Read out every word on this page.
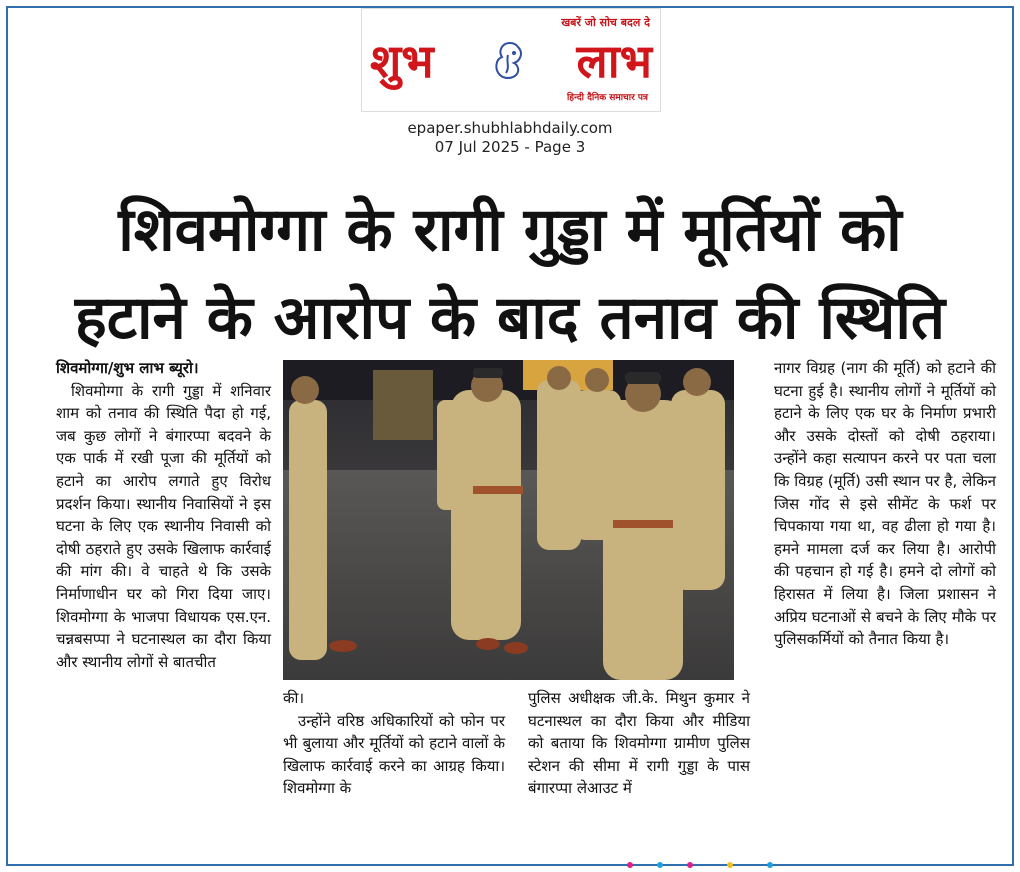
खबरें जो सोच बदल दे
शुभ	लाभ
हिन्दी दैनिक समाचार पत्र
epaper.shubhlabhdaily.com
07 Jul 2025 - Page 3
शिवमोग्गा के रागी गुड्डा में मूर्तियों को
हटाने के आरोप के बाद तनाव की स्थिति

शिवमोग्गा/शुभ लाभ ब्यूरो।

शिवमोग्गा के रागी गुड्डा में शनिवार शाम को तनाव की स्थिति पैदा हो गई, जब कुछ लोगों ने बंगारप्पा बदवने के एक पार्क में रखी पूजा की मूर्तियों को हटाने का आरोप लगाते हुए विरोध प्रदर्शन किया। स्थानीय निवासियों ने इस घटना के लिए एक स्थानीय निवासी को दोषी ठहराते हुए उसके खिलाफ कार्रवाई की मांग की। वे चाहते थे कि उसके निर्माणाधीन घर को गिरा दिया जाए। शिवमोग्गा के भाजपा विधायक एस.एन. चन्नबसप्पा ने घटनास्थल का दौरा किया और स्थानीय लोगों से बातचीत

की।

उन्होंने वरिष्ठ अधिकारियों को फोन पर भी बुलाया और मूर्तियों को हटाने वालों के खिलाफ कार्रवाई करने का आग्रह किया। शिवमोग्गा के

पुलिस अधीक्षक जी.के. मिथुन कुमार ने घटनास्थल का दौरा किया और मीडिया को बताया कि शिवमोग्गा ग्रामीण पुलिस स्टेशन की सीमा में रागी गुड्डा के पास बंगारप्पा लेआउट में

नागर विग्रह (नाग की मूर्ति) को हटाने की घटना हुई है। स्थानीय लोगों ने मूर्तियों को हटाने के लिए एक घर के निर्माण प्रभारी और उसके दोस्तों को दोषी ठहराया। उन्होंने कहा सत्यापन करने पर पता चला कि विग्रह (मूर्ति) उसी स्थान पर है, लेकिन जिस गोंद से इसे सीमेंट के फर्श पर चिपकाया गया था, वह ढीला हो गया है। हमने मामला दर्ज कर लिया है। आरोपी की पहचान हो गई है। हमने दो लोगों को हिरासत में लिया है। जिला प्रशासन ने अप्रिय घटनाओं से बचने के लिए मौके पर पुलिसकर्मियों को तैनात किया है।
